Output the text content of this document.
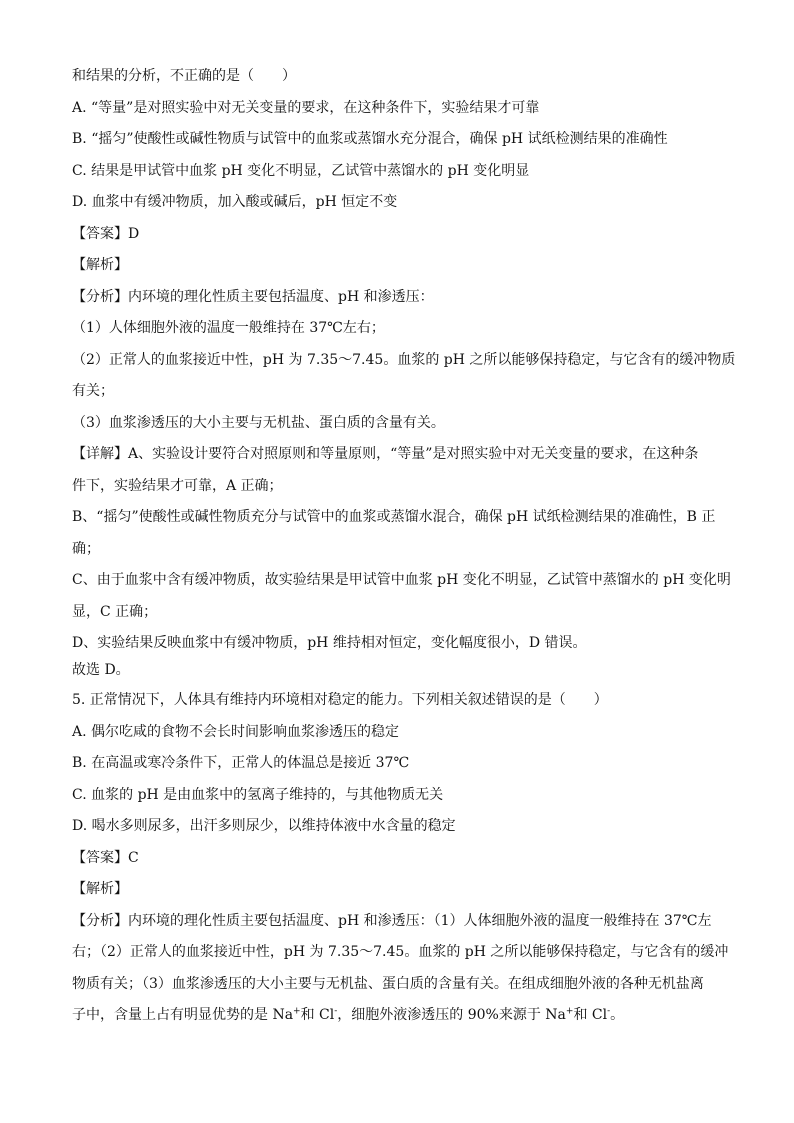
和结果的分析，不正确的是（　　）
A. “等量”是对照实验中对无关变量的要求，在这种条件下，实验结果才可靠
B. “摇匀”使酸性或碱性物质与试管中的血浆或蒸馏水充分混合，确保 pH 试纸检测结果的准确性
C. 结果是甲试管中血浆 pH 变化不明显，乙试管中蒸馏水的 pH 变化明显
D. 血浆中有缓冲物质，加入酸或碱后，pH 恒定不变
【答案】D
【解析】
【分析】内环境的理化性质主要包括温度、pH 和渗透压：
（1）人体细胞外液的温度一般维持在 37℃左右；
（2）正常人的血浆接近中性，pH 为 7.35～7.45。血浆的 pH 之所以能够保持稳定，与它含有的缓冲物质
有关；
（3）血浆渗透压的大小主要与无机盐、蛋白质的含量有关。
【详解】A、实验设计要符合对照原则和等量原则，“等量”是对照实验中对无关变量的要求，在这种条
件下，实验结果才可靠，A 正确；
B、“摇匀”使酸性或碱性物质充分与试管中的血浆或蒸馏水混合，确保 pH 试纸检测结果的准确性，B 正
确；
C、由于血浆中含有缓冲物质，故实验结果是甲试管中血浆 pH 变化不明显，乙试管中蒸馏水的 pH 变化明
显，C 正确；
D、实验结果反映血浆中有缓冲物质，pH 维持相对恒定，变化幅度很小，D 错误。
故选 D。
5. 正常情况下，人体具有维持内环境相对稳定的能力。下列相关叙述错误的是（　　）
A. 偶尔吃咸的食物不会长时间影响血浆渗透压的稳定
B. 在高温或寒冷条件下，正常人的体温总是接近 37℃
C. 血浆的 pH 是由血浆中的氢离子维持的，与其他物质无关
D. 喝水多则尿多，出汗多则尿少，以维持体液中水含量的稳定
【答案】C
【解析】
【分析】内环境的理化性质主要包括温度、pH 和渗透压：（1）人体细胞外液的温度一般维持在 37℃左
右；（2）正常人的血浆接近中性，pH 为 7.35～7.45。血浆的 pH 之所以能够保持稳定，与它含有的缓冲
物质有关；（3）血浆渗透压的大小主要与无机盐、蛋白质的含量有关。在组成细胞外液的各种无机盐离
子中，含量上占有明显优势的是 Na+和 Cl-，细胞外液渗透压的 90%来源于 Na+和 Cl-。
